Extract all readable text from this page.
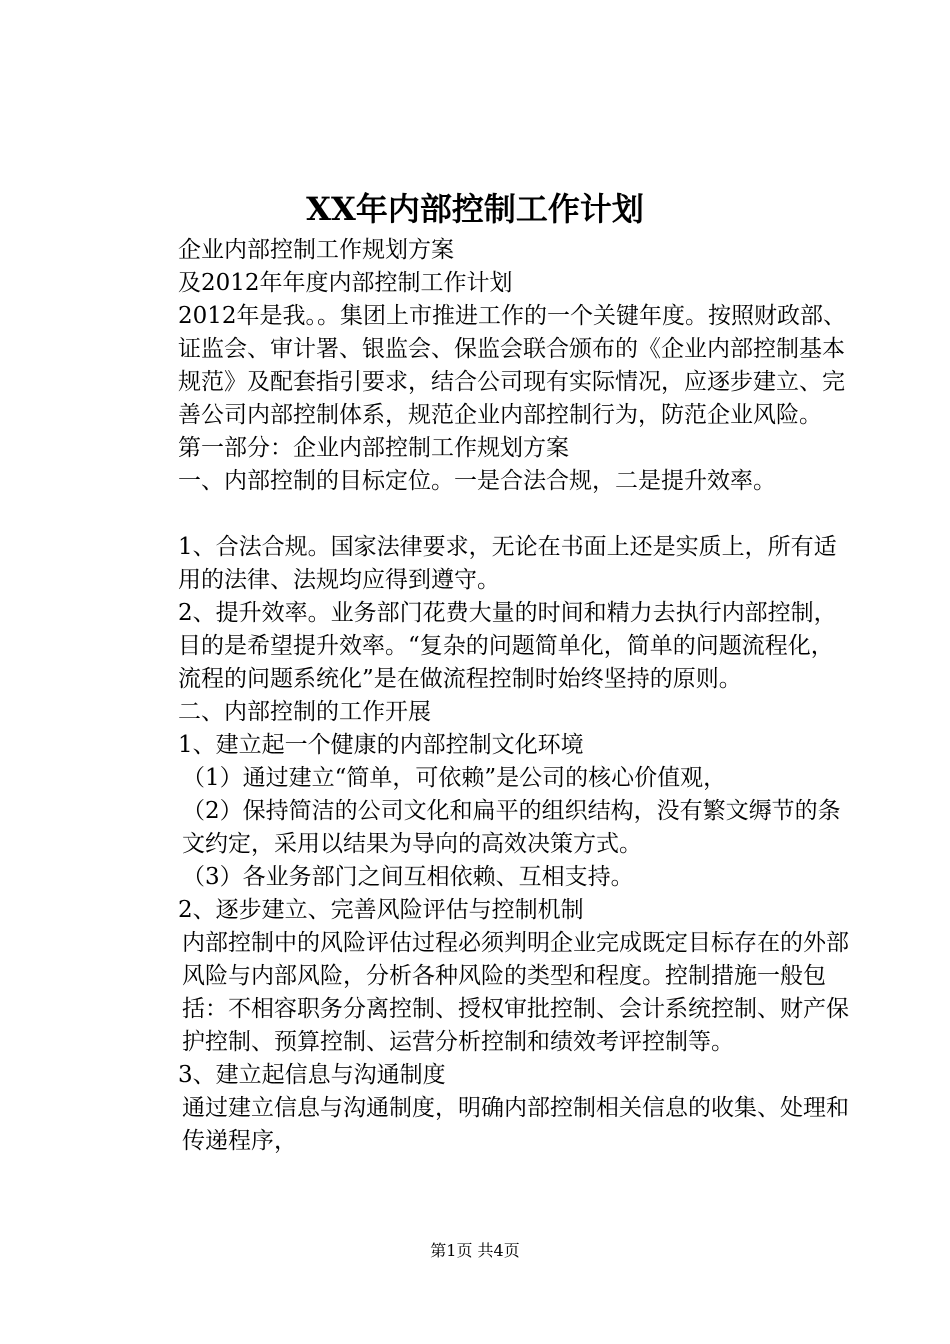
XX年内部控制工作计划

企业内部控制工作规划方案

及2012年年度内部控制工作计划

2012年是我。。集团上市推进工作的一个关键年度。按照财政部、证监会、审计署、银监会、保监会联合颁布的《企业内部控制基本规范》及配套指引要求，结合公司现有实际情况，应逐步建立、完善公司内部控制体系，规范企业内部控制行为，防范企业风险。

第一部分：企业内部控制工作规划方案

一、内部控制的目标定位。一是合法合规，二是提升效率。

1、合法合规。国家法律要求，无论在书面上还是实质上，所有适用的法律、法规均应得到遵守。

2、提升效率。业务部门花费大量的时间和精力去执行内部控制，目的是希望提升效率。“复杂的问题简单化，简单的问题流程化，流程的问题系统化”是在做流程控制时始终坚持的原则。

二、内部控制的工作开展

1、建立起一个健康的内部控制文化环境

（1）通过建立“简单，可依赖”是公司的核心价值观，

（2）保持简洁的公司文化和扁平的组织结构，没有繁文缛节的条文约定，采用以结果为导向的高效决策方式。

（3）各业务部门之间互相依赖、互相支持。

2、逐步建立、完善风险评估与控制机制

内部控制中的风险评估过程必须判明企业完成既定目标存在的外部风险与内部风险，分析各种风险的类型和程度。控制措施一般包括：不相容职务分离控制、授权审批控制、会计系统控制、财产保护控制、预算控制、运营分析控制和绩效考评控制等。

3、建立起信息与沟通制度

通过建立信息与沟通制度，明确内部控制相关信息的收集、处理和传递程序，

第1页 共4页
